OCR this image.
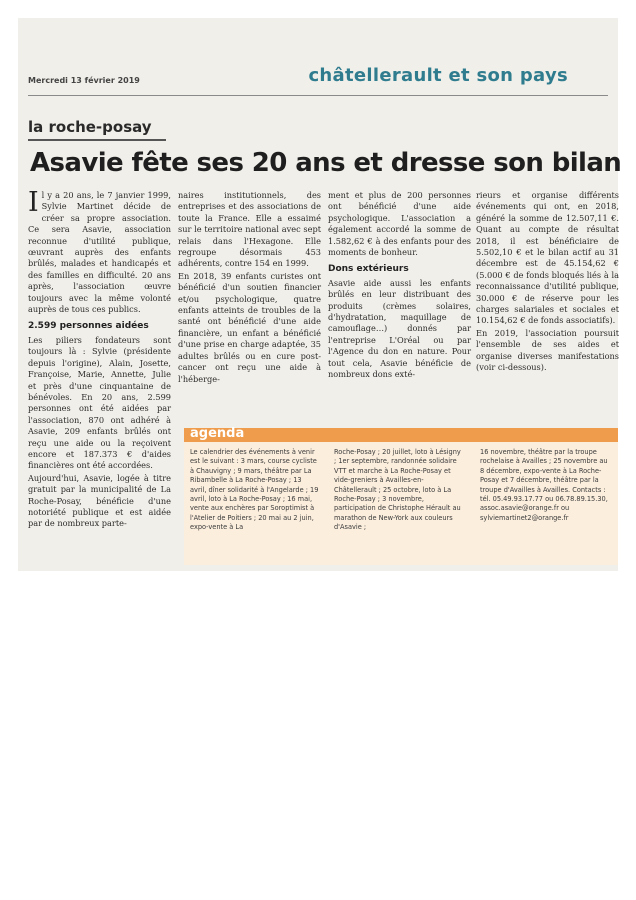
Mercredi 13 février 2019	châtellerault et son pays
la roche-posay
Asavie fête ses 20 ans et dresse son bilan

Il y a 20 ans, le 7 janvier 1999, Sylvie Martinet décide de créer sa propre association. Ce sera Asavie, association reconnue d'utilité publique, œuvrant auprès des enfants brûlés, malades et handicapés et des familles en difficulté. 20 ans après, l'association œuvre toujours avec la même volonté auprès de tous ces publics.

2.599 personnes aidées

Les piliers fondateurs sont toujours là : Sylvie (présidente depuis l'origine), Alain, Josette, Françoise, Marie, Annette, Julie et près d'une cinquantaine de bénévoles. En 20 ans, 2.599 personnes ont été aidées par l'association, 870 ont adhéré à Asavie, 209 enfants brûlés ont reçu une aide ou la reçoivent encore et 187.373 € d'aides financières ont été accordées.

Aujourd'hui, Asavie, logée à titre gratuit par la municipalité de La Roche-Posay, bénéficie d'une notoriété publique et est aidée par de nombreux parte-

naires institutionnels, des entreprises et des associations de toute la France. Elle a essaimé sur le territoire national avec sept relais dans l'Hexagone. Elle regroupe désormais 453 adhérents, contre 154 en 1999.

En 2018, 39 enfants curistes ont bénéficié d'un soutien financier et/ou psychologique, quatre enfants atteints de troubles de la santé ont bénéficié d'une aide financière, un enfant a bénéficié d'une prise en charge adaptée, 35 adultes brûlés ou en cure post-cancer ont reçu une aide à l'héberge-

ment et plus de 200 personnes ont bénéficié d'une aide psychologique. L'association a également accordé la somme de 1.582,62 € à des enfants pour des moments de bonheur.

Dons extérieurs

Asavie aide aussi les enfants brûlés en leur distribuant des produits (crèmes solaires, d'hydratation, maquillage de camouflage…) donnés par l'entreprise L'Oréal ou par l'Agence du don en nature. Pour tout cela, Asavie bénéficie de nombreux dons exté-

rieurs et organise différents événements qui ont, en 2018, généré la somme de 12.507,11 €. Quant au compte de résultat 2018, il est bénéficiaire de 5.502,10 € et le bilan actif au 31 décembre est de 45.154,62 € (5.000 € de fonds bloqués liés à la reconnaissance d'utilité publique, 30.000 € de réserve pour les charges salariales et sociales et 10.154,62 € de fonds associatifs).

En 2019, l'association poursuit l'ensemble de ses aides et organise diverses manifestations (voir ci-dessous).

agenda

Le calendrier des événements à venir est le suivant : 3 mars, course cycliste à Chauvigny ; 9 mars, théâtre par La Ribambelle à La Roche-Posay ; 13 avril, dîner solidarité à l'Angelarde ; 19 avril, loto à La Roche-Posay ; 16 mai, vente aux enchères par Soroptimist à l'Atelier de Poitiers ; 20 mai au 2 juin, expo-vente à La

Roche-Posay ; 20 juillet, loto à Lésigny ; 1er septembre, randonnée solidaire VTT et marche à La Roche-Posay et vide-greniers à Availles-en-Châtellerault ; 25 octobre, loto à La Roche-Posay ; 3 novembre, participation de Christophe Hérault au marathon de New-York aux couleurs d'Asavie ;

16 novembre, théâtre par la troupe rochelaise à Availles ; 25 novembre au 8 décembre, expo-vente à La Roche-Posay et 7 décembre, théâtre par la troupe d'Availles à Availles. Contacts : tél. 05.49.93.17.77 ou 06.78.89.15.30, assoc.asavie@orange.fr ou sylviemartinet2@orange.fr
